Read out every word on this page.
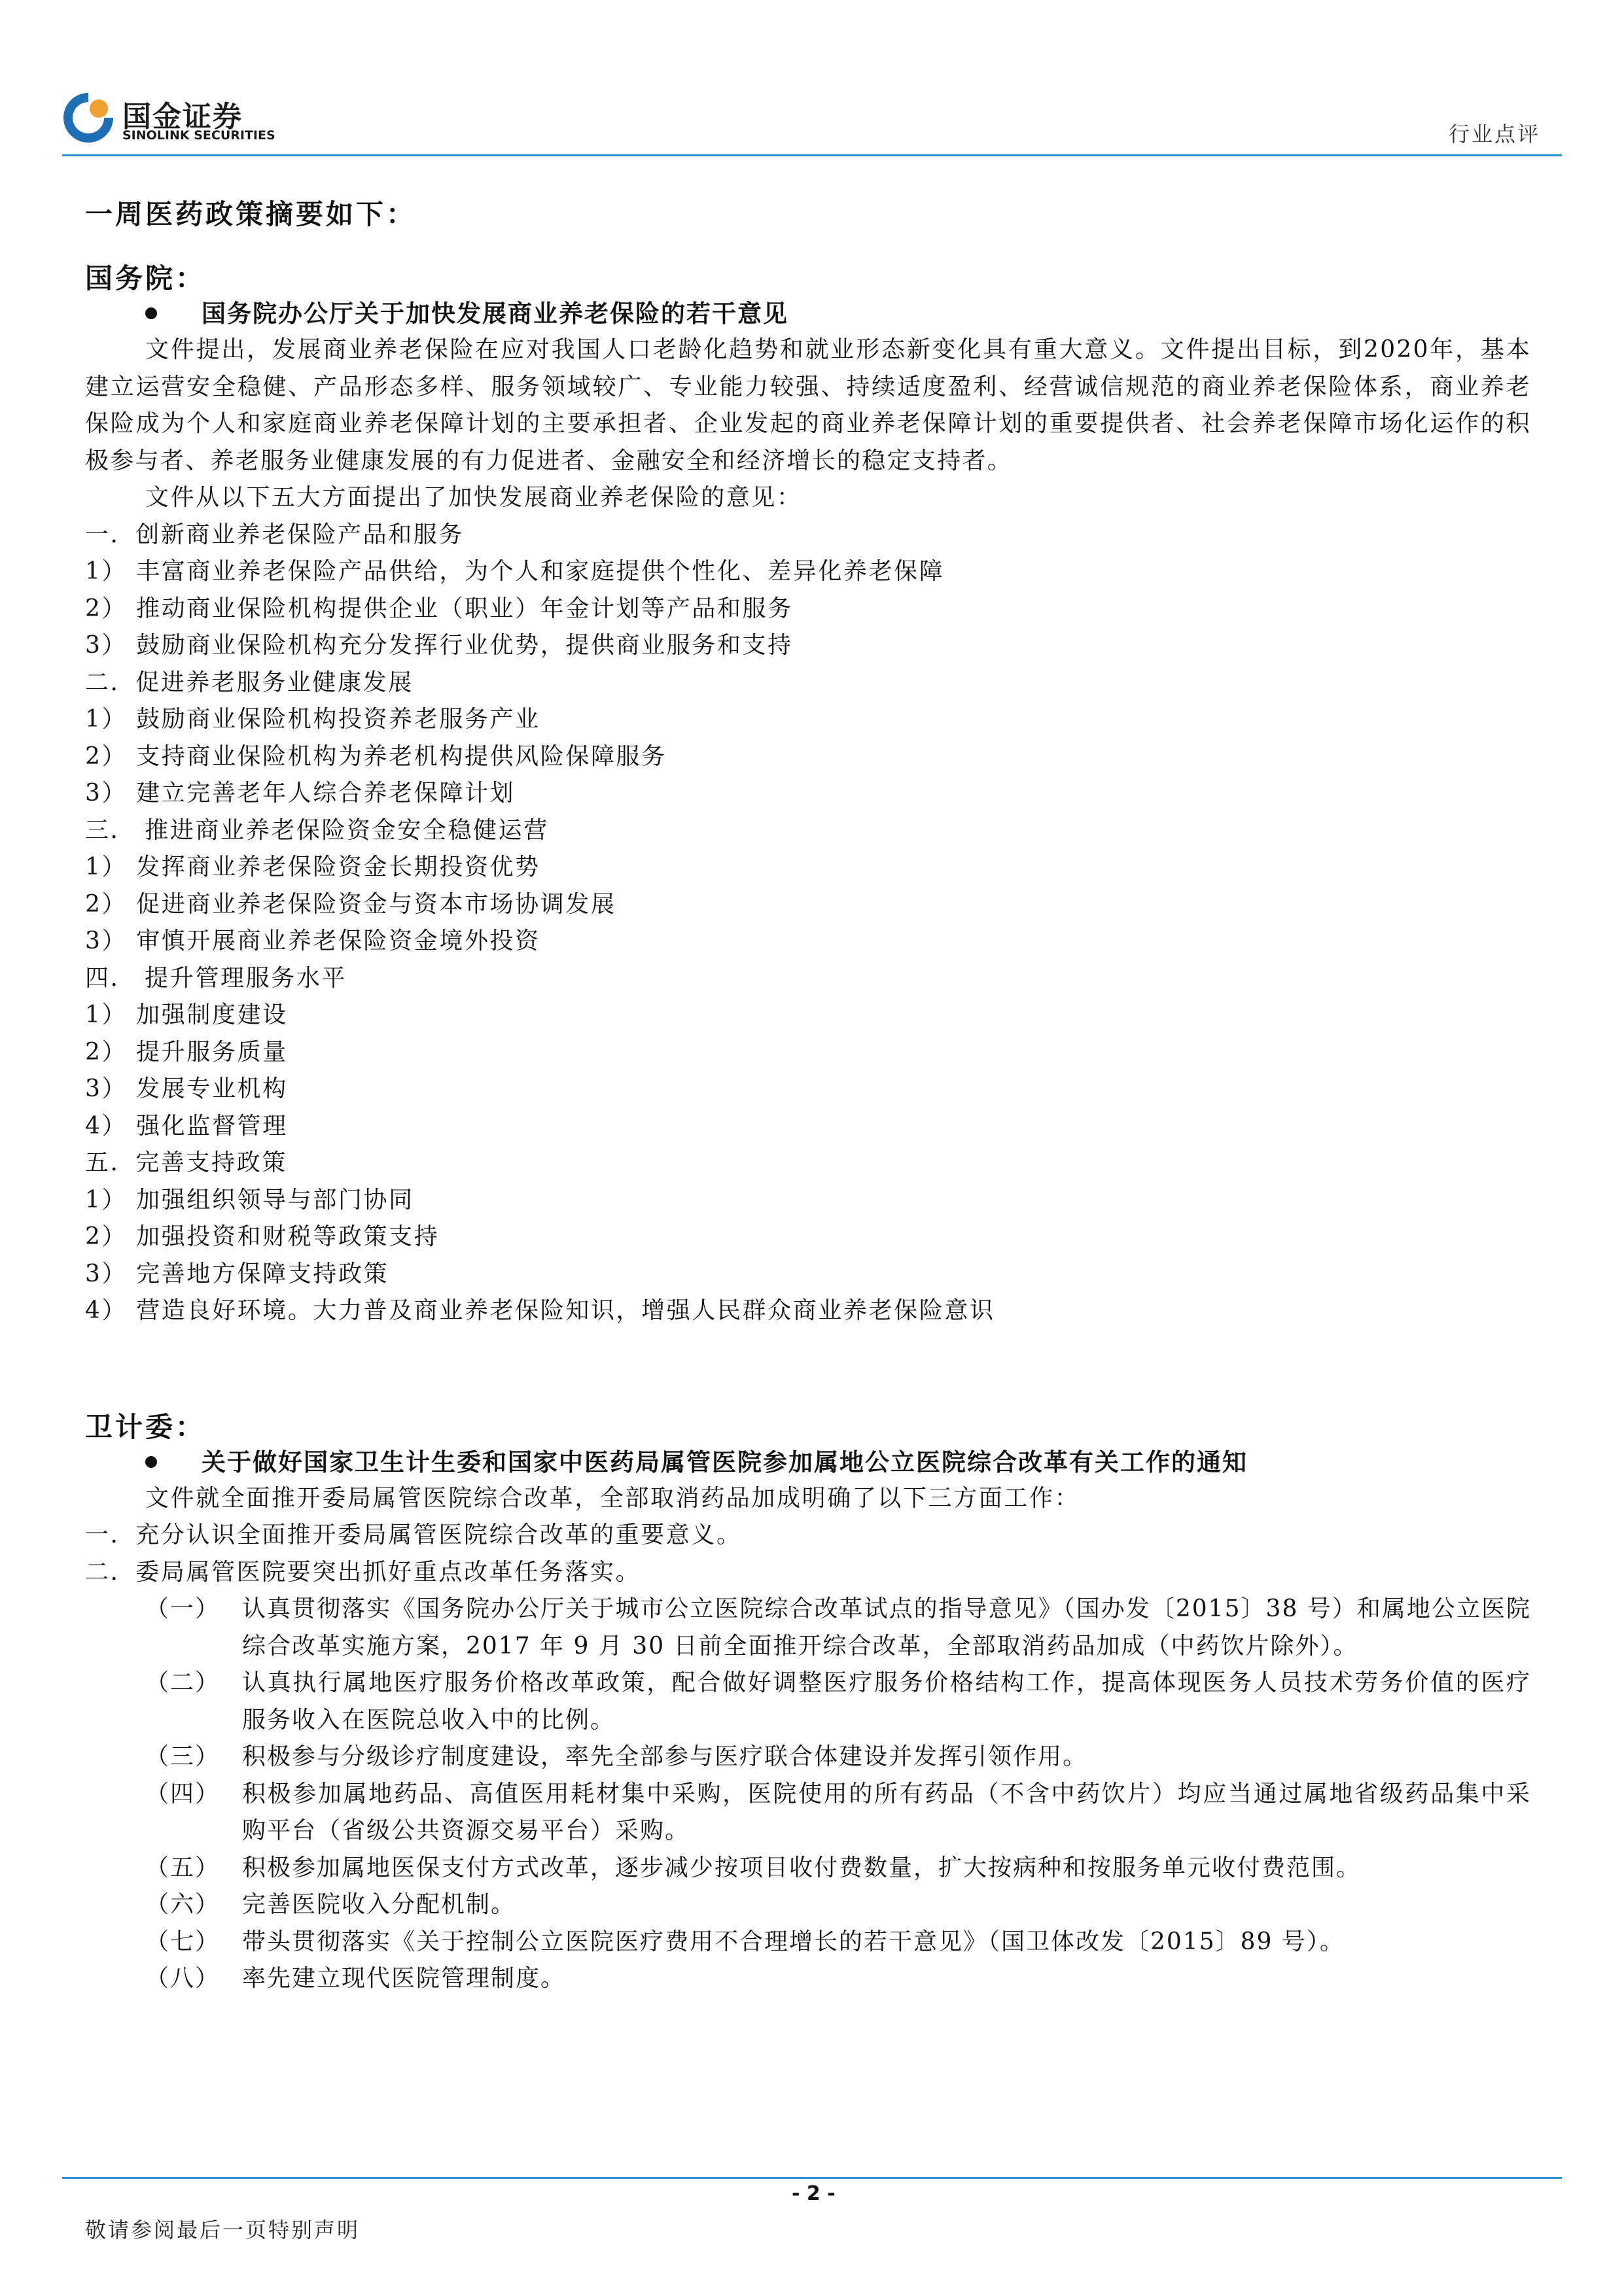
国金证券
SINOLINK SECURITIES	行业点评
一周医药政策摘要如下：
国务院：
国务院办公厅关于加快发展商业养老保险的若干意见
文件提出，发展商业养老保险在应对我国人口老龄化趋势和就业形态新变化具有重大意义。文件提出目标，到2020年，基本建立运营安全稳健、产品形态多样、服务领域较广、专业能力较强、持续适度盈利、经营诚信规范的商业养老保险体系，商业养老保险成为个人和家庭商业养老保障计划的主要承担者、企业发起的商业养老保障计划的重要提供者、社会养老保障市场化运作的积极参与者、养老服务业健康发展的有力促进者、金融安全和经济增长的稳定支持者。
文件从以下五大方面提出了加快发展商业养老保险的意见：
一．创新商业养老保险产品和服务
1） 丰富商业养老保险产品供给，为个人和家庭提供个性化、差异化养老保障
2） 推动商业保险机构提供企业（职业）年金计划等产品和服务
3） 鼓励商业保险机构充分发挥行业优势，提供商业服务和支持
二．促进养老服务业健康发展
1） 鼓励商业保险机构投资养老服务产业
2） 支持商业保险机构为养老机构提供风险保障服务
3） 建立完善老年人综合养老保障计划
三． 推进商业养老保险资金安全稳健运营
1） 发挥商业养老保险资金长期投资优势
2） 促进商业养老保险资金与资本市场协调发展
3） 审慎开展商业养老保险资金境外投资
四． 提升管理服务水平
1） 加强制度建设
2） 提升服务质量
3） 发展专业机构
4） 强化监督管理
五．完善支持政策
1） 加强组织领导与部门协同
2） 加强投资和财税等政策支持
3） 完善地方保障支持政策
4） 营造良好环境。大力普及商业养老保险知识，增强人民群众商业养老保险意识
卫计委：
关于做好国家卫生计生委和国家中医药局属管医院参加属地公立医院综合改革有关工作的通知
文件就全面推开委局属管医院综合改革，全部取消药品加成明确了以下三方面工作：
一．充分认识全面推开委局属管医院综合改革的重要意义。
二．委局属管医院要突出抓好重点改革任务落实。
（一） 认真贯彻落实《国务院办公厅关于城市公立医院综合改革试点的指导意见》（国办发〔2015〕38 号）和属地公立医院综合改革实施方案，2017 年 9 月 30 日前全面推开综合改革，全部取消药品加成（中药饮片除外）。
（二） 认真执行属地医疗服务价格改革政策，配合做好调整医疗服务价格结构工作，提高体现医务人员技术劳务价值的医疗服务收入在医院总收入中的比例。
（三） 积极参与分级诊疗制度建设，率先全部参与医疗联合体建设并发挥引领作用。
（四） 积极参加属地药品、高值医用耗材集中采购，医院使用的所有药品（不含中药饮片）均应当通过属地省级药品集中采购平台（省级公共资源交易平台）采购。
（五） 积极参加属地医保支付方式改革，逐步减少按项目收付费数量，扩大按病种和按服务单元收付费范围。
（六） 完善医院收入分配机制。
（七） 带头贯彻落实《关于控制公立医院医疗费用不合理增长的若干意见》（国卫体改发〔2015〕89 号）。
（八） 率先建立现代医院管理制度。
- 2 -
敬请参阅最后一页特别声明
